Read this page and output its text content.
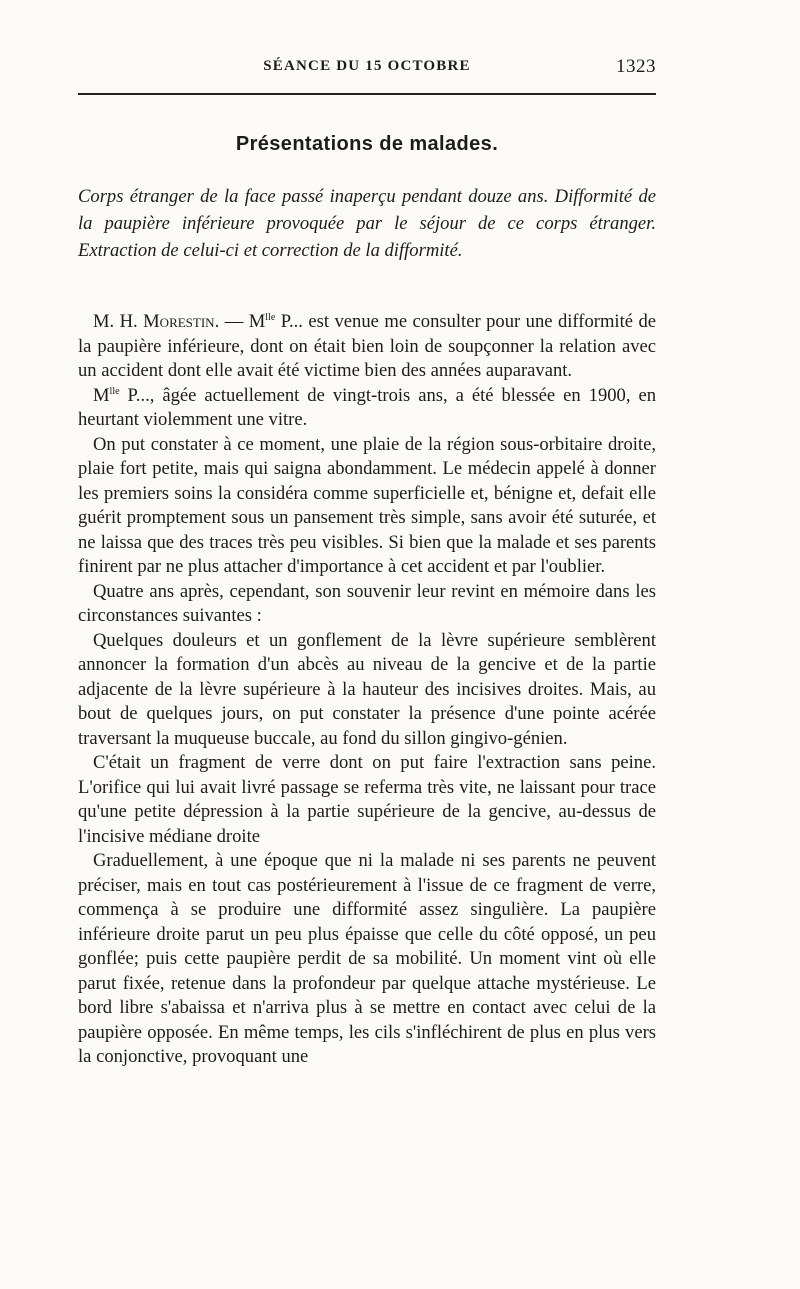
SÉANCE DU 15 OCTOBRE	1323
Présentations de malades.

Corps étranger de la face passé inaperçu pendant douze ans. Difformité de la paupière inférieure provoquée par le séjour de ce corps étranger. Extraction de celui-ci et correction de la difformité.

M. H. Morestin. — $M^{lle}$ P... est venue me consulter pour une difformité de la paupière inférieure, dont on était bien loin de soupçonner la relation avec un accident dont elle avait été victime bien des années auparavant.

$M^{lle}$ P..., âgée actuellement de vingt-trois ans, a été blessée en 1900, en heurtant violemment une vitre.

On put constater à ce moment, une plaie de la région sous-orbitaire droite, plaie fort petite, mais qui saigna abondamment. Le médecin appelé à donner les premiers soins la considéra comme superficielle et, bénigne et, defait elle guérit promptement sous un pansement très simple, sans avoir été suturée, et ne laissa que des traces très peu visibles. Si bien que la malade et ses parents finirent par ne plus attacher d'importance à cet accident et par l'oublier.

Quatre ans après, cependant, son souvenir leur revint en mémoire dans les circonstances suivantes :

Quelques douleurs et un gonflement de la lèvre supérieure semblèrent annoncer la formation d'un abcès au niveau de la gencive et de la partie adjacente de la lèvre supérieure à la hauteur des incisives droites. Mais, au bout de quelques jours, on put constater la présence d'une pointe acérée traversant la muqueuse buccale, au fond du sillon gingivo-génien.

C'était un fragment de verre dont on put faire l'extraction sans peine. L'orifice qui lui avait livré passage se referma très vite, ne laissant pour trace qu'une petite dépression à la partie supérieure de la gencive, au-dessus de l'incisive médiane droite

Graduellement, à une époque que ni la malade ni ses parents ne peuvent préciser, mais en tout cas postérieurement à l'issue de ce fragment de verre, commença à se produire une difformité assez singulière. La paupière inférieure droite parut un peu plus épaisse que celle du côté opposé, un peu gonflée; puis cette paupière perdit de sa mobilité. Un moment vint où elle parut fixée, retenue dans la profondeur par quelque attache mystérieuse. Le bord libre s'abaissa et n'arriva plus à se mettre en contact avec celui de la paupière opposée. En même temps, les cils s'infléchirent de plus en plus vers la conjonctive, provoquant une
